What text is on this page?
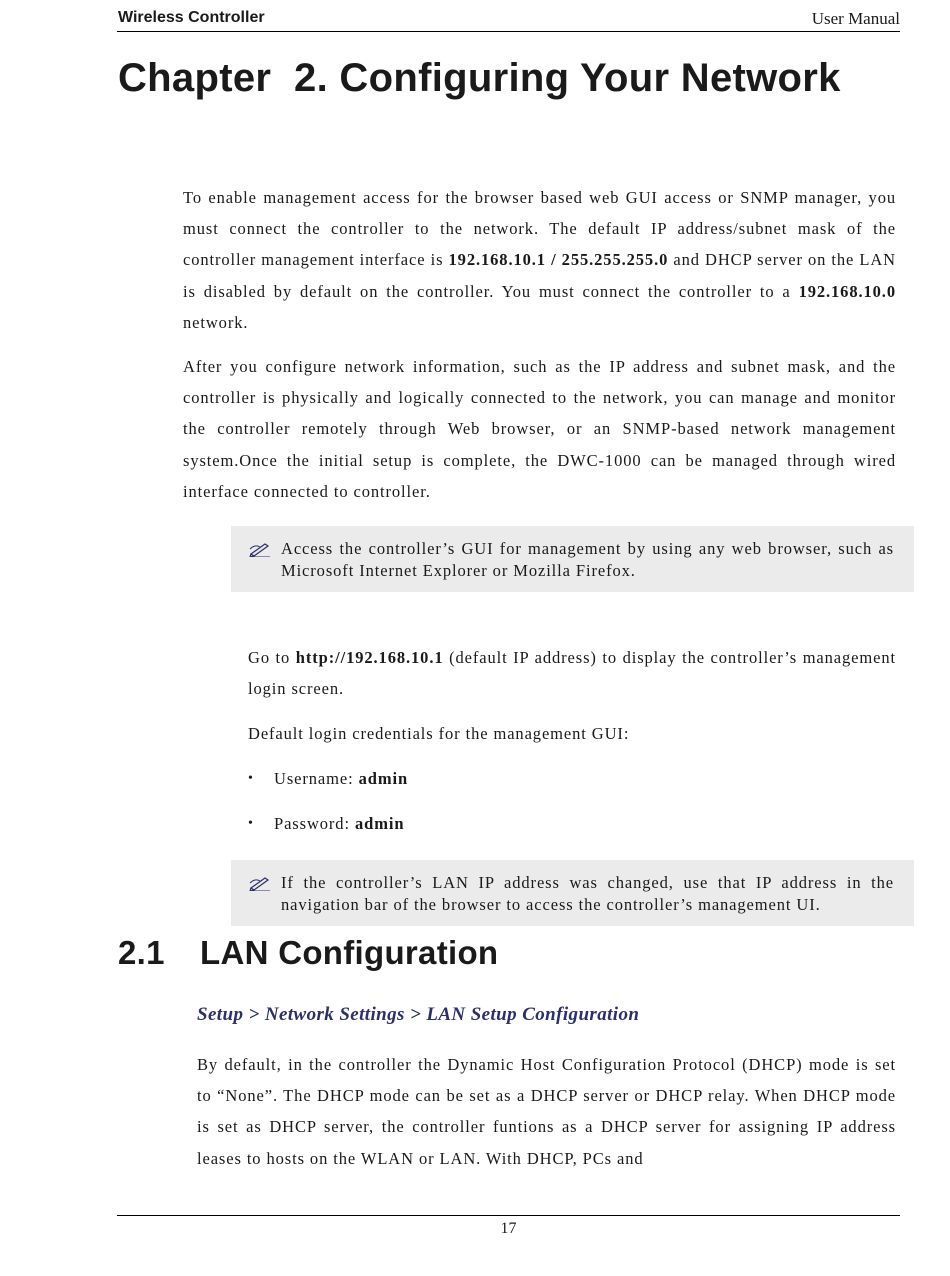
Wireless Controller	User Manual
Chapter  2. Configuring Your Network

To enable management access for the browser based web GUI access or SNMP manager, you must connect the controller to the network. The default IP address/subnet mask of the controller management interface is 192.168.10.1 / 255.255.255.0 and DHCP server on the LAN is disabled by default on the controller. You must connect the controller to a 192.168.10.0 network.

After you configure network information, such as the IP address and subnet mask, and the controller is physically and logically connected to the network, you can manage and monitor the controller remotely through Web browser, or an SNMP-based network management system.Once the initial setup is complete, the DWC-1000 can be managed through wired interface connected to controller.

Access the controller’s GUI for management by using any web browser, such as Microsoft Internet Explorer or Mozilla Firefox.

Go to http://192.168.10.1 (default IP address) to display the controller’s management login screen.

Default login credentials for the management GUI:

• Username: admin
• Password: admin

If the controller’s LAN IP address was changed, use that IP address in the navigation bar of the browser to access the controller’s management UI.

2.1 LAN Configuration

Setup > Network Settings > LAN Setup Configuration

By default, in the controller the Dynamic Host Configuration Protocol (DHCP) mode is set to “None”. The DHCP mode can be set as a DHCP server or DHCP relay. When DHCP mode is set as DHCP server, the controller funtions as a DHCP server for assigning IP address leases to hosts on the WLAN or LAN. With DHCP, PCs and

17
